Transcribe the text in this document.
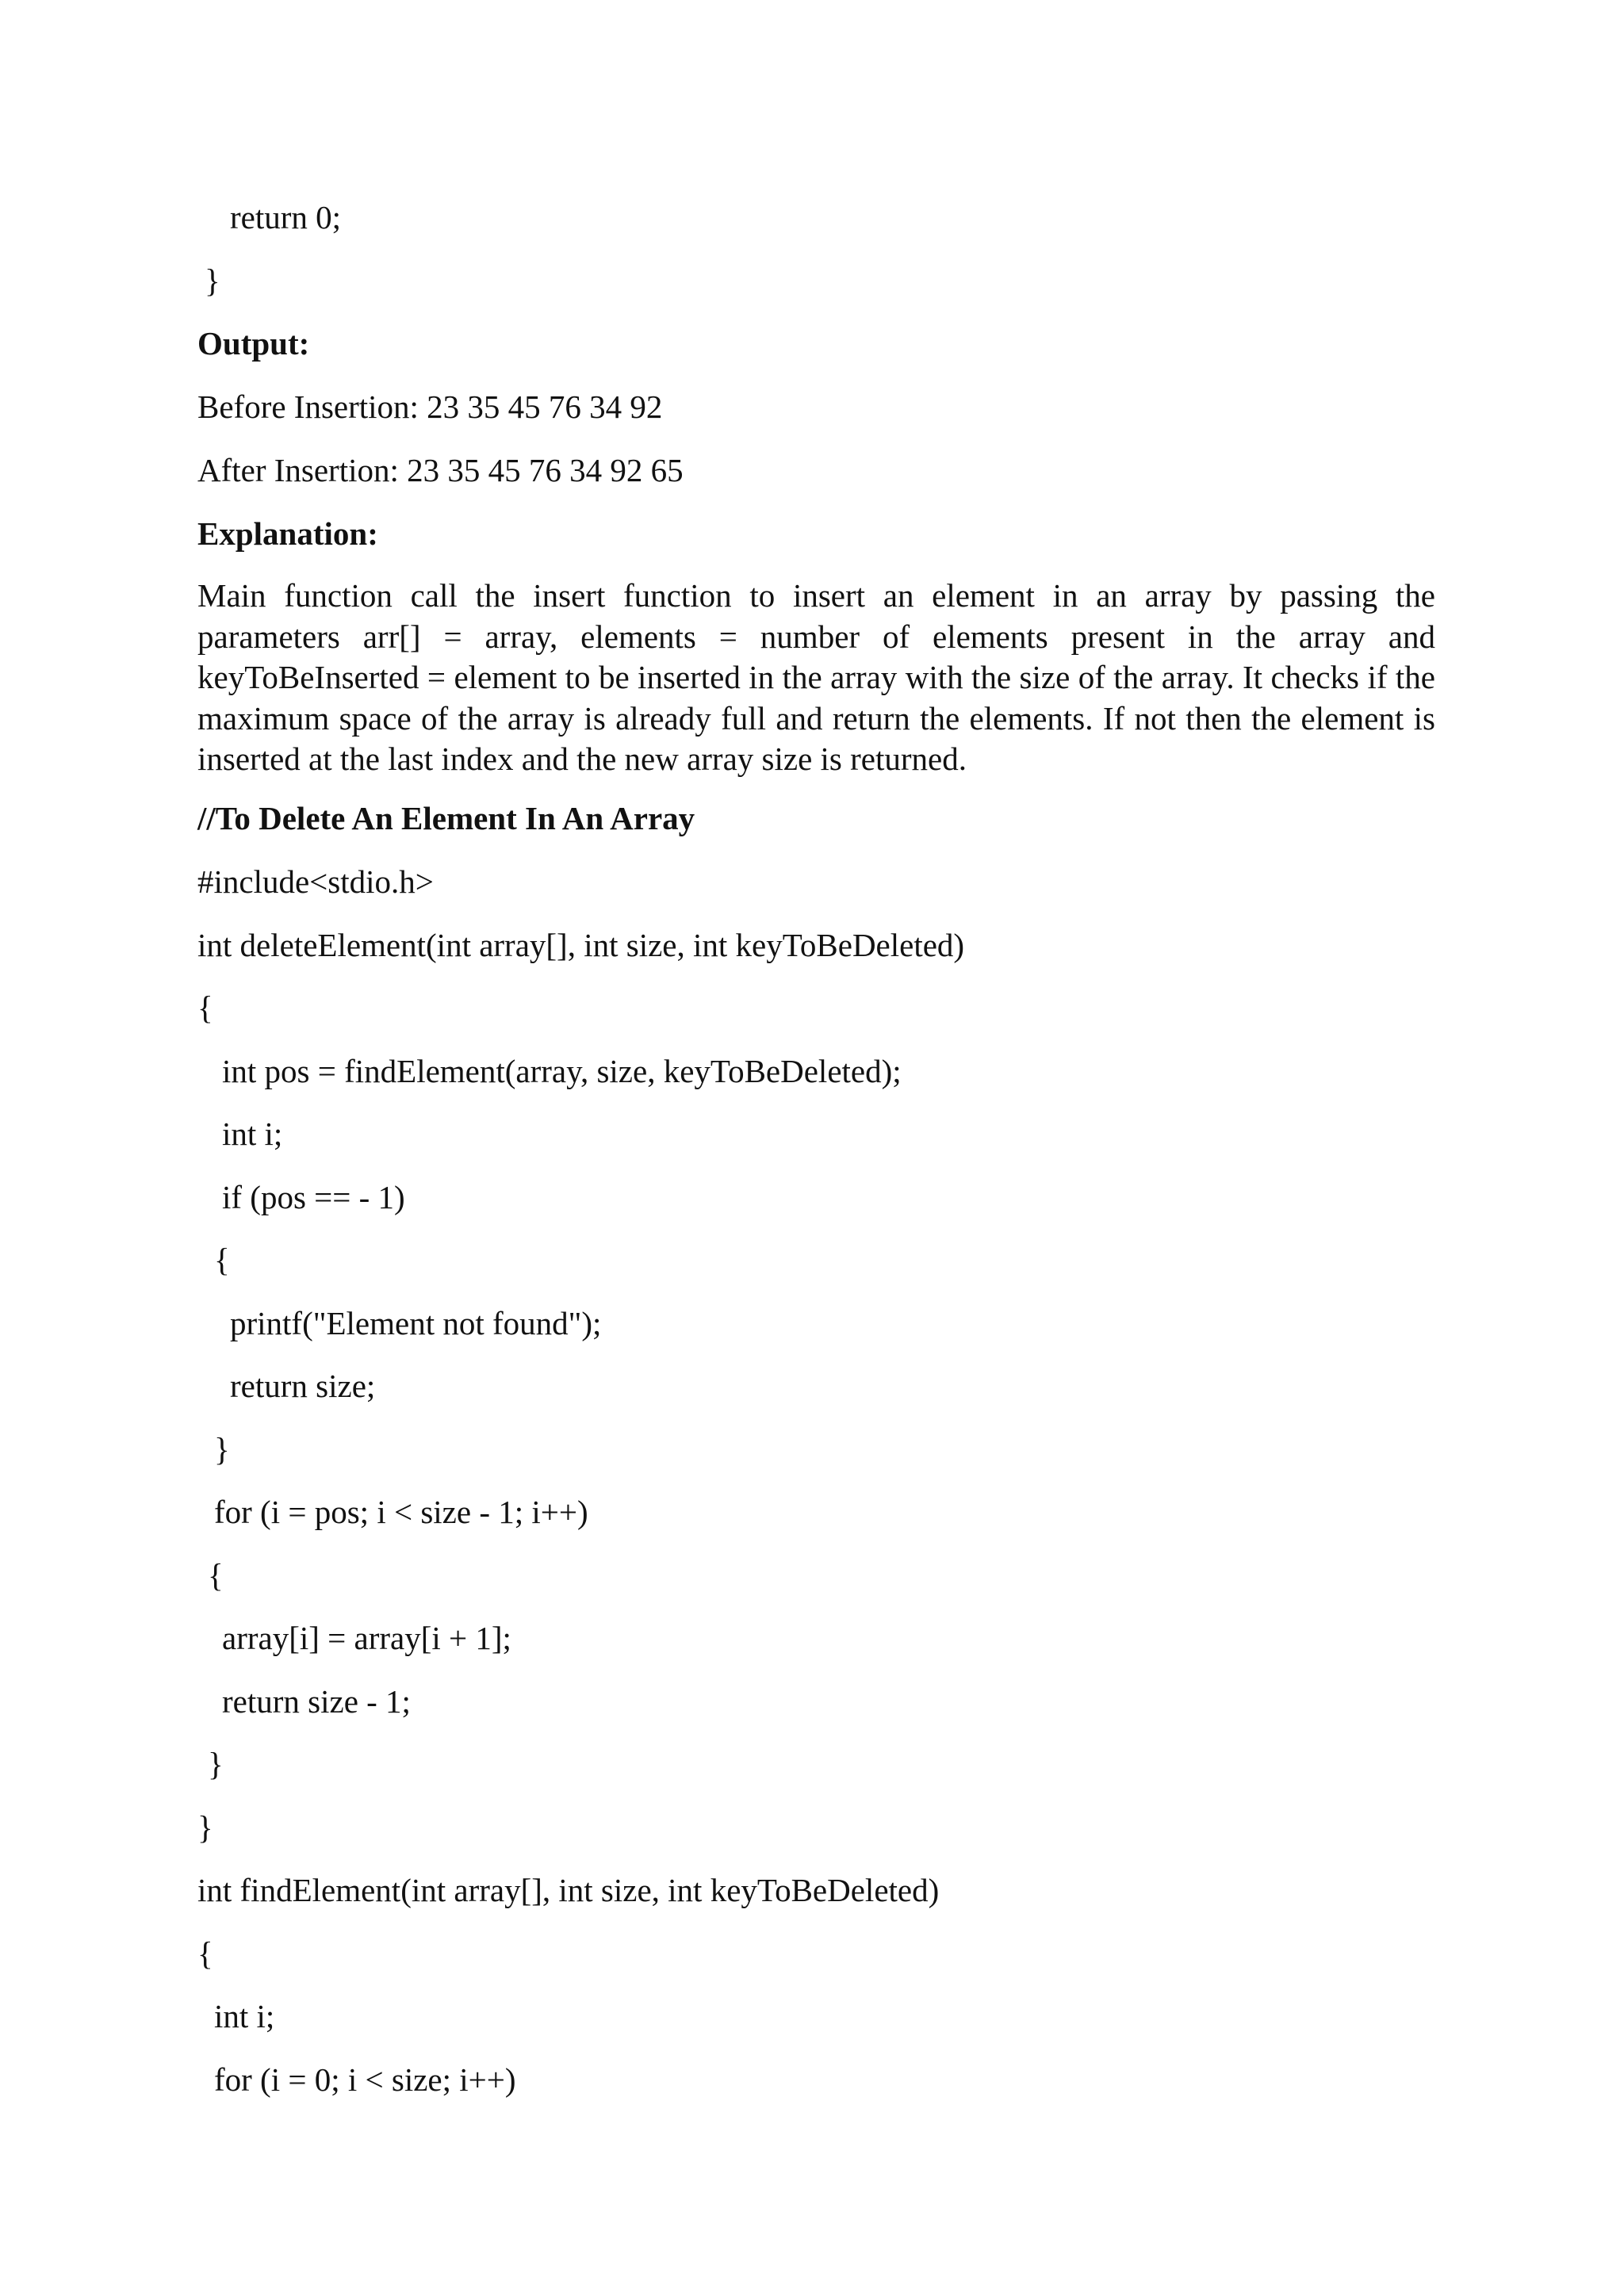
return 0;

}

Output:

Before Insertion: 23 35 45 76 34 92

After Insertion: 23 35 45 76 34 92 65

Explanation:

Main function call the insert function to insert an element in an array by passing the parameters arr[] = array, elements = number of elements present in the array and keyToBeInserted = element to be inserted in the array with the size of the array. It checks if the maximum space of the array is already full and return the elements. If not then the element is inserted at the last index and the new array size is returned.

//To Delete An Element In An Array

#include<stdio.h>

int deleteElement(int array[], int size, int keyToBeDeleted)

{

int pos = findElement(array, size, keyToBeDeleted);

int i;

if (pos == - 1)

{

printf("Element not found");

return size;

}

for (i = pos; i < size - 1; i++)

{

array[i] = array[i + 1];

return size - 1;

}

}

int findElement(int array[], int size, int keyToBeDeleted)

{

int i;

for (i = 0; i < size; i++)
